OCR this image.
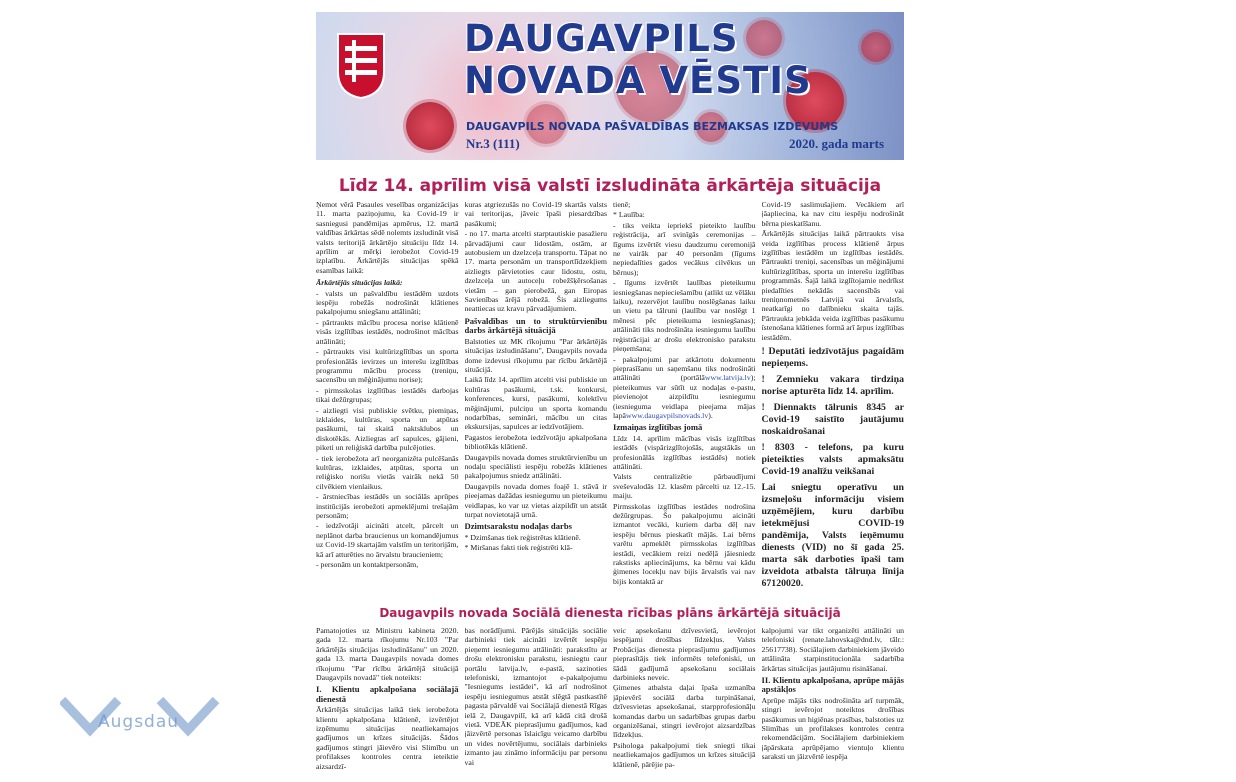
DAUGAVPILS
NOVADA VĒSTIS
DAUGAVPILS NOVADA PAŠVALDĪBAS BEZMAKSAS IZDEVUMS
Nr.3 (111)	2020. gada marts
Līdz 14. aprīlim visā valstī izsludināta ārkārtēja situācija

Ņemot vērā Pasaules veselības organizācijas 11. marta paziņojumu, ka Covid-19 ir sasniegusi pandēmijas apmērus, 12. martā valdības ārkārtas sēdē nolemts izsludināt visā valsts teritorijā ārkārtējo situāciju līdz 14. aprīlim ar mērķi ierobežot Covid-19 izplatību. Ārkārtējās situācijas spēkā esamības laikā:

Ārkārtējās situācijas laikā:

- valsts un pašvaldību iestādēm uzdots iespēju robežās nodrošināt klātienes pakalpojumu sniegšanu attālināti;

- pārtraukts mācību procesa norise klātienē visās izglītības iestādēs, nodrošinot mācības attālināti;

- pārtraukts visi kultūrizglītības un sporta profesionālās ievirzes un interešu izglītības programmu mācību process (treniņu, sacensību un mēģinājumu norise);

- pirmsskolas izglītības iestādēs darbojas tikai dežūrgrupas;

- aizliegti visi publiskie svētku, piemiņas, izklaides, kultūras, sporta un atpūtas pasākumi, tai skaitā naktsklubos un diskotēkās. Aizliegtas arī sapulces, gājieni, piketi un reliģiskā darbība pulcējoties.

- tiek ierobežota arī neorganizēta pulcēšanās kultūras, izklaides, atpūtas, sporta un reliģisko norišu vietās vairāk nekā 50 cilvēkiem vienlaikus.

- ārstniecības iestādēs un sociālās aprūpes institūcijās ierobežoti apmeklējumi trešajām personām;

- iedzīvotāji aicināti atcelt, pārcelt un neplānot darba braucienus un komandējumus uz Covid-19 skartajām valstīm un teritorijām, kā arī atturēties no ārvalstu braucieniem;

- personām un kontaktpersonām,

kuras atgriezušās no Covid-19 skartās valsts vai teritorijas, jāveic īpaši piesardzības pasākumi;

- no 17. marta atcelti starptautiskie pasažieru pārvadājumi caur lidostām, ostām, ar autobusiem un dzelzceļa transportu. Tāpat no 17. marta personām un transportlīdzekļiem aizliegts pārvietoties caur lidostu, ostu, dzelzceļa un autoceļu robežšķērsošanas vietām – gan pierobežā, gan Eiropas Savienības ārējā robežā. Šis aizliegums neattiecas uz kravu pārvadājumiem.

Pašvaldības un to struktūrvienību darbs ārkārtējā situācijā

Balstoties uz MK rīkojumu "Par ārkārtējās situācijas izsludināšanu", Daugavpils novada dome izdevusi rīkojumu par rīcību ārkārtējā situācijā.

Laikā līdz 14. aprīlim atcelti visi publiskie un kultūras pasākumi, t.sk. konkursi, konferences, kursi, pasākumi, kolektīvu mēģinājumi, pulciņu un sporta komandu nodarbības, semināri, mācību un citas ekskursijas, sapulces ar iedzīvotājiem.

Pagastos ierobežota iedzīvotāju apkalpošana bibliotēkās klātienē.

Daugavpils novada domes struktūrvienību un nodaļu speciālisti iespēju robežās klātienes pakalpojumus sniedz attālināti.

Daugavpils novada domes foajē 1. stāvā ir pieejamas dažādas iesniegumu un pieteikumu veidlapas, ko var uz vietas aizpildīt un atstāt turpat novietotajā urnā.

Dzimtsarakstu nodaļas darbs

* Dzimšanas tiek reģistrētas klātienē.

* Miršanas fakti tiek reģistrēti klā-

tienē;

* Laulība:

- tiks veikta iepriekš pieteikto laulību reģistrācija, arī svinīgās ceremonijas – līgums izvērtēt viesu daudzumu ceremonijā ne vairāk par 40 personām (līgums nepiedalīties gados vecākus cilvēkus un bērnus);

- līgums izvērtēt laulības pieteikumu iesniegšanas nepieciešamību (atlikt uz vēlāku laiku), rezervējot laulību noslēgšanas laiku un vietu pa tālruni (laulību var noslēgt 1 mēnesi pēc pieteikuma iesniegšanas); attālināti tiks nodrošināta iesniegumu laulību reģistrācijai ar drošu elektronisko parakstu pieņemšana;

- pakalpojumi par atkārtotu dokumentu pieprasīšanu un saņemšanu tiks nodrošināti attālināti (portālāwww.latvija.lv); pieteikumus var sūtīt uz nodaļas e-pastu, pievienojot aizpildītu iesniegumu (iesnieguma veidlapa pieejama mājas lapāwww.daugavpilsnovads.lv).

Izmaiņas izglītības jomā

Līdz 14. aprīlim mācības visās izglītības iestādēs (vispārizglītojošās, augstākās un profesionālās izglītības iestādēs) notiek attālināti.

Valsts centralizētie pārbaudījumi sveševalodās 12. klasēm pārcelti uz 12.-15. maiju.

Pirmsskolas izglītības iestādes nodrošina dežūrgrupas. Šo pakalpojumu aicināti izmantot vecāki, kuriem darba dēļ nav iespēju bērnus pieskatīt mājās. Lai bērns varētu apmeklēt pirmsskolas izglītības iestādi, vecākiem reizi nedēļā jāiesniedz rakstisks apliecinājums, ka bērnu vai kādu ģimenes locekļu nav bijis ārvalstīs vai nav bijis kontaktā ar

Covid-19 saslimušajiem. Vecākiem arī jāapliecina, ka nav citu iespēju nodrošināt bērna pieskatīšanu.

Ārkārtējās situācijas laikā pārtraukts visa veida izglītības process klātienē ārpus izglītības iestādēm un izglītības iestādēs. Pārtraukti treniņi, sacensības un mēģinājumi kultūrizglītības, sporta un interešu izglītības programmās. Šajā laikā izglītojamie nedrīkst piedalīties nekādās sacensībās vai treniņnometnēs Latvijā vai ārvalstīs, neatkarīgi no dalībnieku skaita tajās. Pārtraukta jebkāda veida izglītības pasākumu īstenošana klātienes formā arī ārpus izglītības iestādēm.

! Deputāti iedzīvotājus pagaidām nepieņems.

! Zemnieku vakara tirdziņa norise apturēta līdz 14. aprīlim.

! Diennakts tālrunis 8345 ar Covid-19 saistīto jautājumu noskaidrošanai

! 8303 - telefons, pa kuru pieteikties valsts apmaksātu Covid-19 analīžu veikšanai

Lai sniegtu operatīvu un izsmeļošu informāciju visiem uzņēmējiem, kuru darbību ietekmējusi COVID-19 pandēmija, Valsts ieņēmumu dienests (VID) no šī gada 25. marta sāk darboties īpaši tam izveidota atbalsta tālruņa līnija 67120020.

Daugavpils novada Sociālā dienesta rīcības plāns ārkārtējā situācijā

Pamatojoties uz Ministru kabineta 2020. gada 12. marta rīkojumu Nr.103 "Par ārkārtējās situācijas izsludināšanu" un 2020. gada 13. marta Daugavpils novada domes rīkojumu "Par rīcību ārkārtējā situācijā Daugavpils novadā" tiek noteikts:

I. Klientu apkalpošana sociālajā dienestā

Ārkārtējās situācijas laikā tiek ierobežota klientu apkalpošana klātienē, izvērtējot izņēmumu situācijas neatliekamajos gadījumos un krīzes situācijās. Šādos gadījumos stingri jāievēro visi Slimību un profilakses kontroles centra ieteiktie aizsardzī-

bas norādījumi. Pārējās situācijās sociālie darbinieki tiek aicināti izvērtēt iespēju pieņemt iesniegumu attālināti: parakstītu ar drošu elektronisku parakstu, iesniegtu caur portālu latvija.lv, e-pastā, sazinoties telefoniski, izmantojot e-pakalpojumu "Iesniegums iestādei", kā arī nodrošinot iespēju iesniegumus atstāt slēgtā pastkastītē pagasta pārvaldē vai Sociālajā dienestā Rīgas ielā 2, Daugavpilī, kā arī kādā citā drošā vietā. VDEĀK pieprasījumu gadījumos, kad jāizvērtē personas īslaicīgu veicamo darbību un vides novērtējumu, sociālais darbinieks izmanto jau zināmo informāciju par personu vai

veic apsekošanu dzīvesvietā, ievērojot iespējami drošības līdzekļus. Valsts Probācijas dienesta pieprasījumu gadījumos pieprasītājs tiek informēts telefoniski, un šādā gadījumā apsekošanu sociālais darbinieks neveic.

Ģimenes atbalsta daļai īpaša uzmanība jāpievērš sociālā darba turpināšanai, dzīvesvietas apsekošanai, starpprofesionāļu komandas darbu un sadarbības grupas darbu organizēšanai, stingri ievērojot aizsardzības līdzekļus.

Psihologa pakalpojumi tiek sniegti tikai neatliekamajos gadījumos un krīzes situācijā klātienē, pārējie pa-

kalpojumi var tikt organizēti attālināti un telefoniski (renate.lahovska@dnd.lv, tālr.: 25617738). Sociālajiem darbiniekiem jāveido attālināta starpinstitucionāla sadarbība ārkārtas situācijas jautājumu risināšanai.

II. Klientu apkalpošana, aprūpe mājās apstākļos

Aprūpe mājās tiks nodrošināta arī turpmāk, stingri ievērojot noteiktos drošības pasākumus un higiēnas prasības, balstoties uz Slimības un profilakses kontroles centra rekomendācijām. Sociālajiem darbiniekiem jāpārskata aprūpējamo vientuļo klientu saraksti un jāizvērtē iespēja

Augsdau
